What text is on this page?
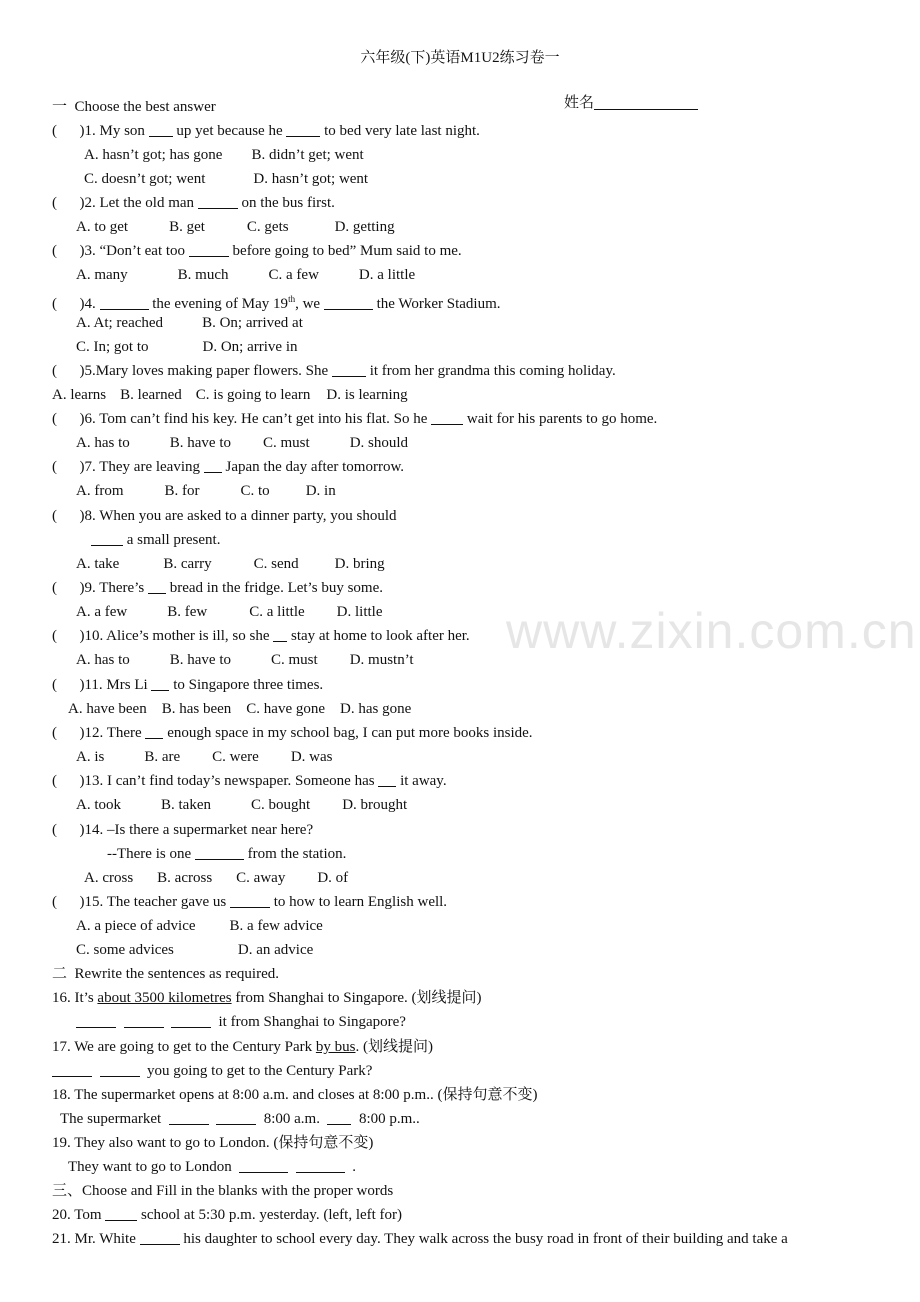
六年级(下)英语M1U2练习卷一

姓名

一  Choose the best answer
(      )1. My son up yet because he	to bed very late last night.
A. hasn’t got; has gone B. didn’t get; went
C. doesn’t got; went	D. hasn’t got; went
(      )2. Let the old man	on the bus first.
A. to get	B. get	C. gets	D. getting
(      )3. “Don’t eat too	before going to bed” Mum said to me.
A. many	B. much	C. a few	D. a little
(      )4.	the evening of May 19th, we	the Worker Stadium.
A. At; reached	B. On; arrived at
C. In; got to	D. On; arrive in
(      )5.Mary loves making paper flowers. She	it from her grandma this coming holiday.
A. learns B. learned C. is going to learn D. is learning
(      )6. Tom can’t find his key. He can’t get into his flat. So he	wait for his parents to go home.
A. has to	B. have to C. must	D. should
(      )7. They are leaving Japan the day after tomorrow.
A. from	B. for	C. to D. in
(      )8. When you are asked to a dinner party, you should
a small present.
A. take	B. carry	C. send D. bring
(      )9. There’s bread in the fridge. Let’s buy some.
A. a few	B. few	C. a little D. little
(      )10. Alice’s mother is ill, so she stay at home to look after her.
A. has to	B. have to	C. must D. mustn’t
(      )11. Mrs Li to Singapore three times.
A. have been B. has been C. have gone D. has gone
(      )12. There enough space in my school bag, I can put more books inside.
A. is	B. are C. were D. was
(      )13. I can’t find today’s newspaper. Someone has it away.
A. took	B. taken	C. bought D. brought
(      )14. –Is there a supermarket near here?
--There is one	from the station.
A. cross B. across C. away D. of
(      )15. The teacher gave us	to how to learn English well.
A. a piece of advice B. a few advice
C. some advices	D. an advice
二  Rewrite the sentences as required.
16. It’s about 3500 kilometres from Shanghai to Singapore. (划线提问)
it from Shanghai to Singapore?
17. We are going to get to the Century Park by bus. (划线提问)
you going to get to the Century Park?
18. The supermarket opens at 8:00 a.m. and closes at 8:00 p.m.. (保持句意不变)
The supermarket	8:00 a.m.	8:00 p.m..
19. They also want to go to London. (保持句意不变)
They want to go to London	.
三、Choose and Fill in the blanks with the proper words
20. Tom	school at 5:30 p.m. yesterday. (left, left for)
21. Mr. White	his daughter to school every day. They walk across the busy road in front of their building and take a
www.zixin.com.cn
